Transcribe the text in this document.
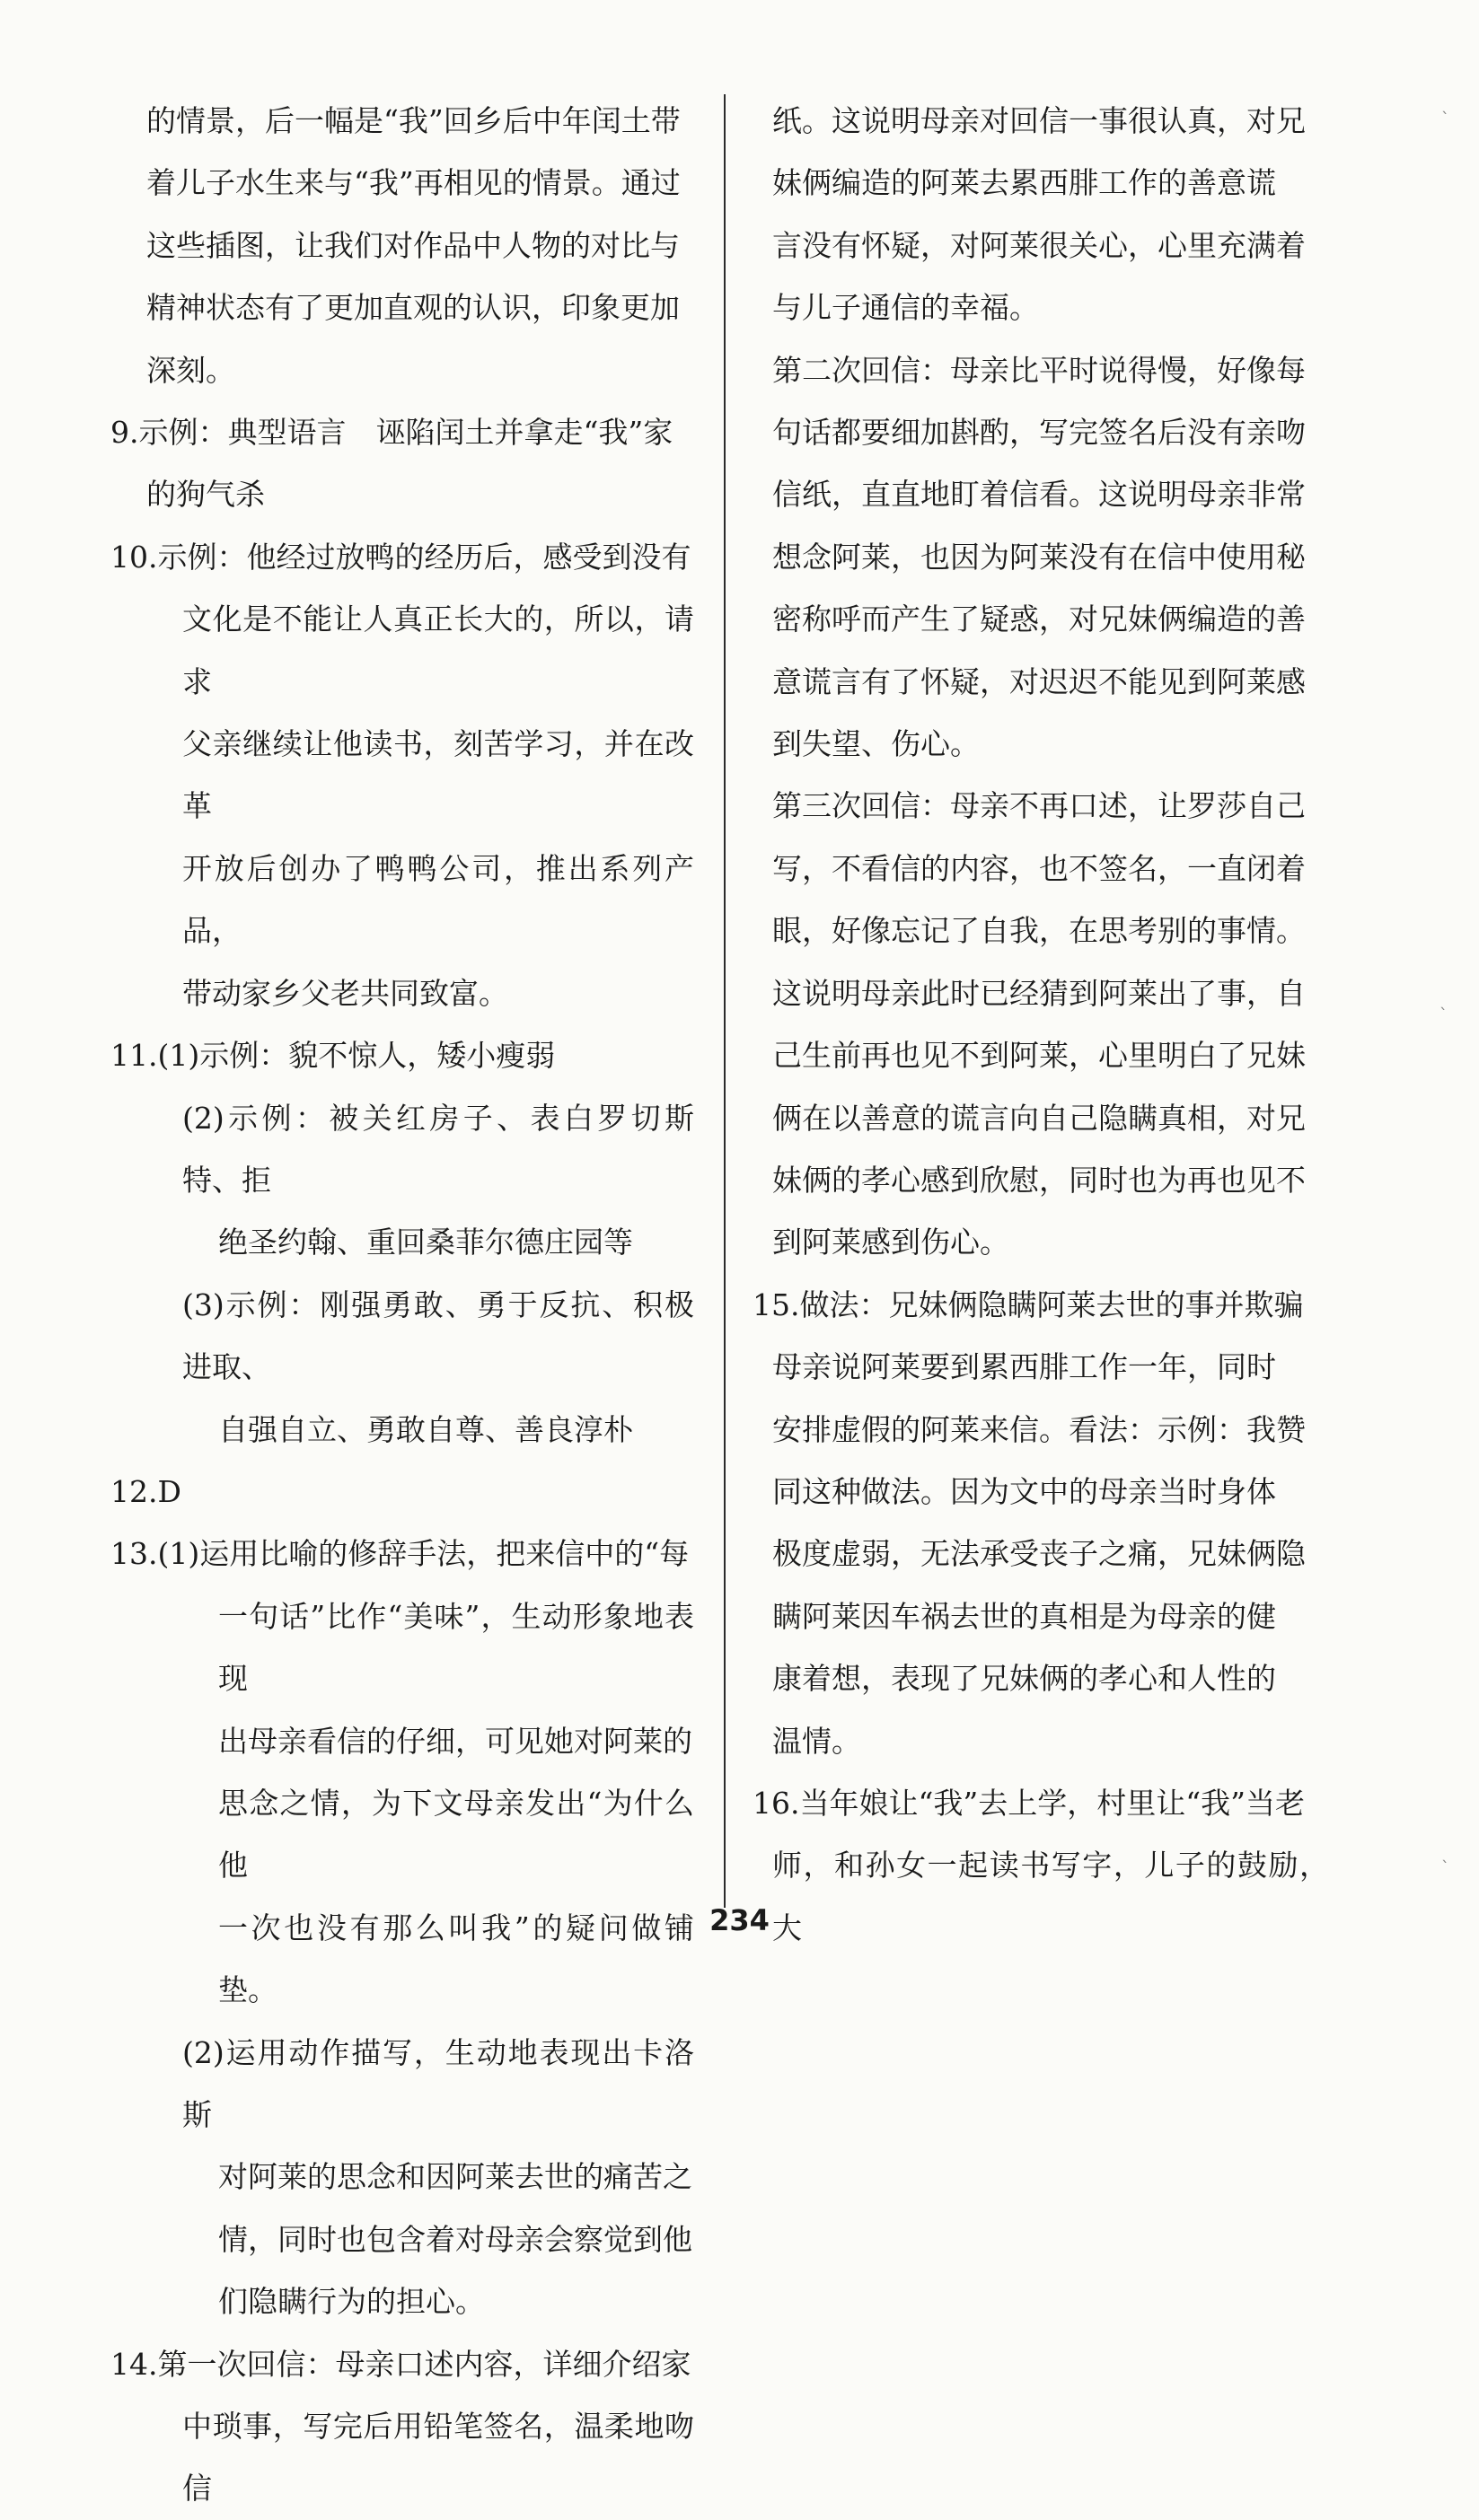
的情景，后一幅是“我”回乡后中年闰土带
着儿子水生来与“我”再相见的情景。通过
这些插图，让我们对作品中人物的对比与
精神状态有了更加直观的认识，印象更加
深刻。
9.示例：典型语言　诬陷闰土并拿走“我”家
的狗气杀
10.示例：他经过放鸭的经历后，感受到没有
文化是不能让人真正长大的，所以，请求
父亲继续让他读书，刻苦学习，并在改革
开放后创办了鸭鸭公司，推出系列产品，
带动家乡父老共同致富。
11.(1)示例：貌不惊人，矮小瘦弱
(2)示例：被关红房子、表白罗切斯特、拒
绝圣约翰、重回桑菲尔德庄园等
(3)示例：刚强勇敢、勇于反抗、积极进取、
自强自立、勇敢自尊、善良淳朴
12.D
13.(1)运用比喻的修辞手法，把来信中的“每
一句话”比作“美味”，生动形象地表现
出母亲看信的仔细，可见她对阿莱的
思念之情，为下文母亲发出“为什么他
一次也没有那么叫我”的疑问做铺垫。
(2)运用动作描写，生动地表现出卡洛斯
对阿莱的思念和因阿莱去世的痛苦之
情，同时也包含着对母亲会察觉到他
们隐瞒行为的担心。
14.第一次回信：母亲口述内容，详细介绍家
中琐事，写完后用铅笔签名，温柔地吻信
纸。这说明母亲对回信一事很认真，对兄
妹俩编造的阿莱去累西腓工作的善意谎
言没有怀疑，对阿莱很关心，心里充满着
与儿子通信的幸福。
第二次回信：母亲比平时说得慢，好像每
句话都要细加斟酌，写完签名后没有亲吻
信纸，直直地盯着信看。这说明母亲非常
想念阿莱，也因为阿莱没有在信中使用秘
密称呼而产生了疑惑，对兄妹俩编造的善
意谎言有了怀疑，对迟迟不能见到阿莱感
到失望、伤心。
第三次回信：母亲不再口述，让罗莎自己
写，不看信的内容，也不签名，一直闭着
眼，好像忘记了自我，在思考别的事情。
这说明母亲此时已经猜到阿莱出了事，自
己生前再也见不到阿莱，心里明白了兄妹
俩在以善意的谎言向自己隐瞒真相，对兄
妹俩的孝心感到欣慰，同时也为再也见不
到阿莱感到伤心。
15.做法：兄妹俩隐瞒阿莱去世的事并欺骗
母亲说阿莱要到累西腓工作一年，同时
安排虚假的阿莱来信。看法：示例：我赞
同这种做法。因为文中的母亲当时身体
极度虚弱，无法承受丧子之痛，兄妹俩隐
瞒阿莱因车祸去世的真相是为母亲的健
康着想，表现了兄妹俩的孝心和人性的
温情。
16.当年娘让“我”去上学，村里让“我”当老
师，和孙女一起读书写字，儿子的鼓励，大
234
`
`
`
